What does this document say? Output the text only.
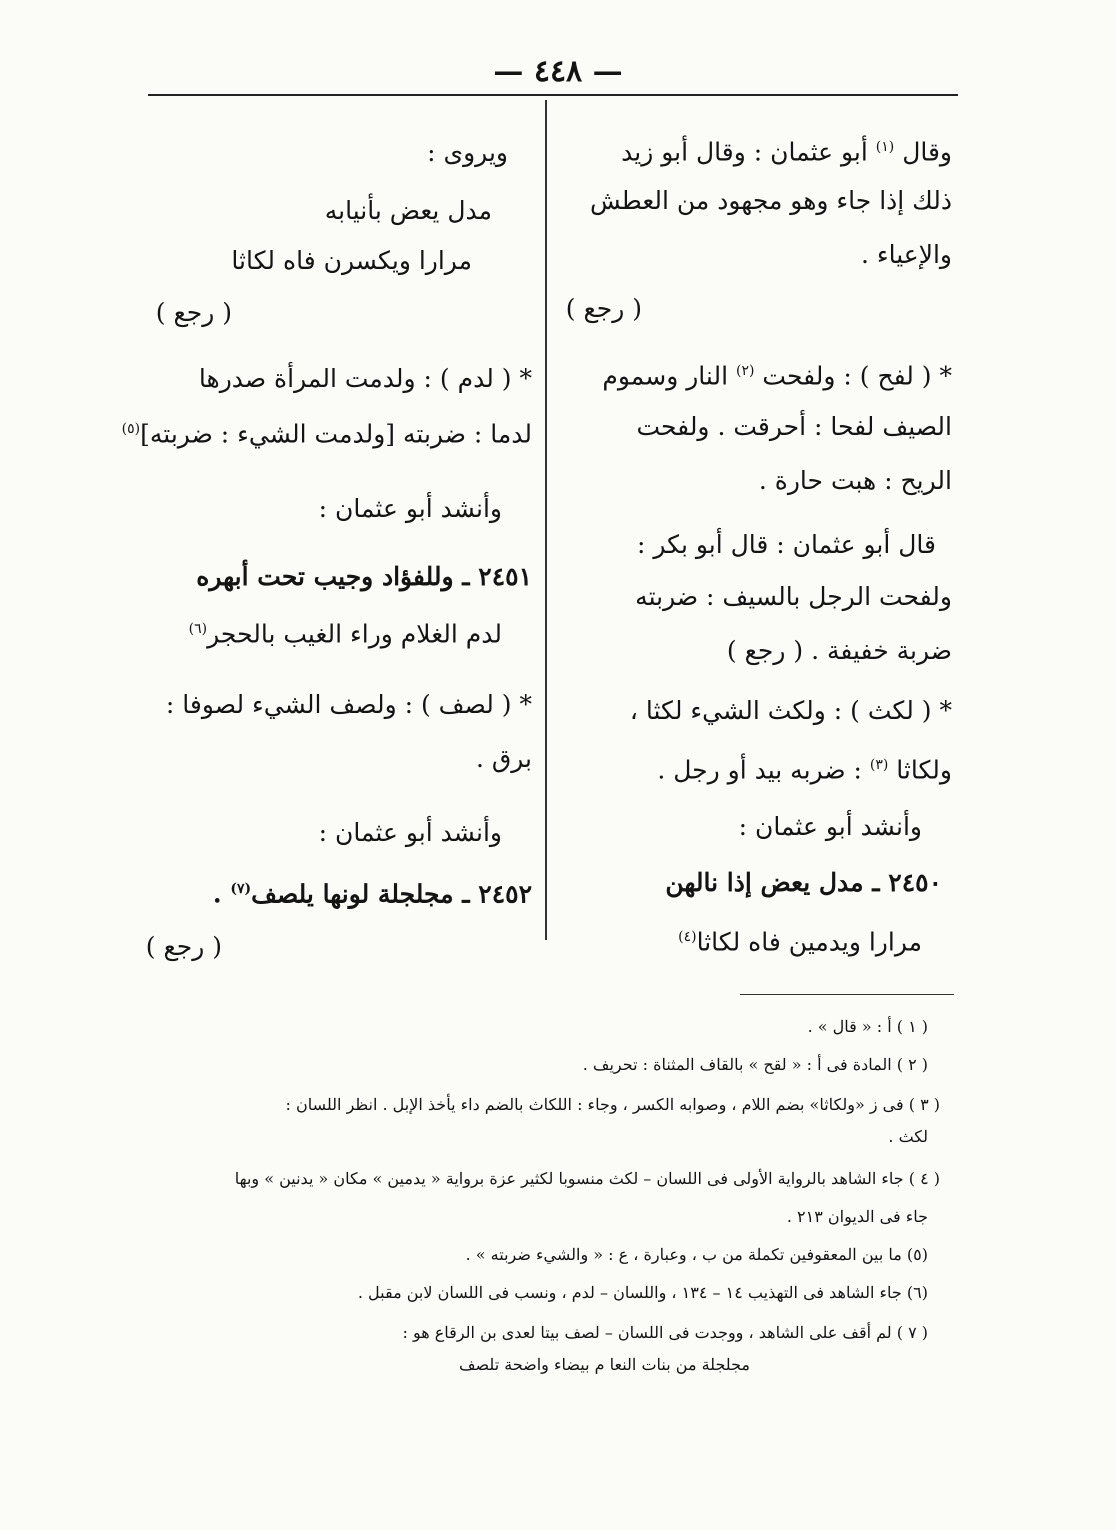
— ٤٤٨ —
وقال $^{(١)}$ أبو عثمان : وقال أبو زيد
ذلك إذا جاء وهو مجهود من العطش
والإعياء .
( رجع )
* ( لفح ) : ولفحت $^{(٢)}$ النار وسموم
الصيف لفحا : أحرقت . ولفحت
الريح : هبت حارة .
قال أبو عثمان : قال أبو بكر :
ولفحت الرجل بالسيف : ضربته
ضربة خفيفة . ( رجع )
* ( لكث ) : ولكث الشيء لكثا ،
ولكاثا $^{(٣)}$ : ضربه بيد أو رجل .
وأنشد أبو عثمان :
٢٤٥٠ ـ مدل يعض إذا نالهن
مرارا ويدمين فاه لكاثا$^{(٤)}$
ويروى :
مدل يعض بأنيابه
مرارا ويكسرن فاه لكاثا
( رجع )
* ( لدم ) : ولدمت المرأة صدرها
لدما : ضربته [ولدمت الشيء : ضربته]$^{(٥)}$
وأنشد أبو عثمان :
٢٤٥١ ـ وللفؤاد وجيب تحت أبهره
لدم الغلام وراء الغيب بالحجر$^{(٦)}$
* ( لصف ) : ولصف الشيء لصوفا :
برق .
وأنشد أبو عثمان :
٢٤٥٢ ـ مجلجلة لونها يلصف$^{(٧)}$ .
( رجع )
( ١ ) أ : « قال » .
( ٢ ) المادة فى أ : « لقح » بالقاف المثناة : تحريف .
( ٣ ) فى ز «ولكاثا» بضم اللام ، وصوابه الكسر ، وجاء : اللكاث بالضم داء يأخذ الإبل . انظر اللسان :
لكث .
( ٤ ) جاء الشاهد بالرواية الأولى فى اللسان – لكث منسوبا لكثير عزة برواية « يدمين » مكان « يدنين » وبها
جاء فى الديوان ٢١٣ .
(٥) ما بين المعقوفين تكملة من ب ، وعبارة ، ع : « والشيء ضربته » .
(٦) جاء الشاهد فى التهذيب ١٤ – ١٣٤ ، واللسان – لدم ، ونسب فى اللسان لابن مقبل .
( ٧ ) لم أقف على الشاهد ، ووجدت فى اللسان – لصف بيتا لعدى بن الرقاع هو :
مجلجلة من بنات النعا م بيضاء واضحة تلصف
